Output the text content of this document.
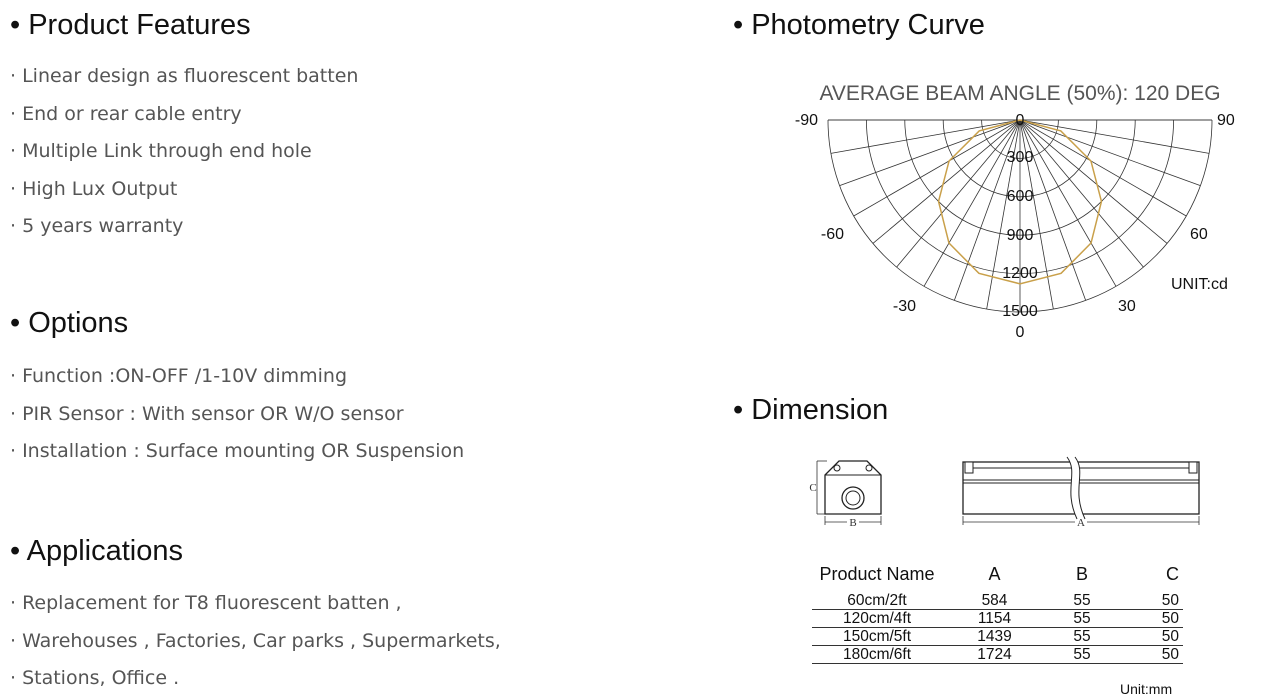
• Product Features
· Linear design as fluorescent batten
· End or rear cable entry
· Multiple Link through end hole
· High Lux Output
· 5 years warranty
• Options
· Function :ON-OFF /1-10V dimming
· PIR Sensor : With sensor OR W/O sensor
· Installation : Surface mounting OR Suspension
• Applications
· Replacement for T8 fluorescent batten ,
· Warehouses , Factories, Car parks , Supermarkets,
· Stations, Office .
• Photometry Curve
AVERAGE BEAM ANGLE (50%): 120 DEG
-90	0	90
-60	60
-30	30
0
300
600
900
1200
1500
UNIT:cd
• Dimension
C
B	A
Product Name	A	B	C
60cm/2ft	584	55	50
120cm/4ft	1154	55	50
150cm/5ft	1439	55	50
180cm/6ft	1724	55	50
Unit:mm
